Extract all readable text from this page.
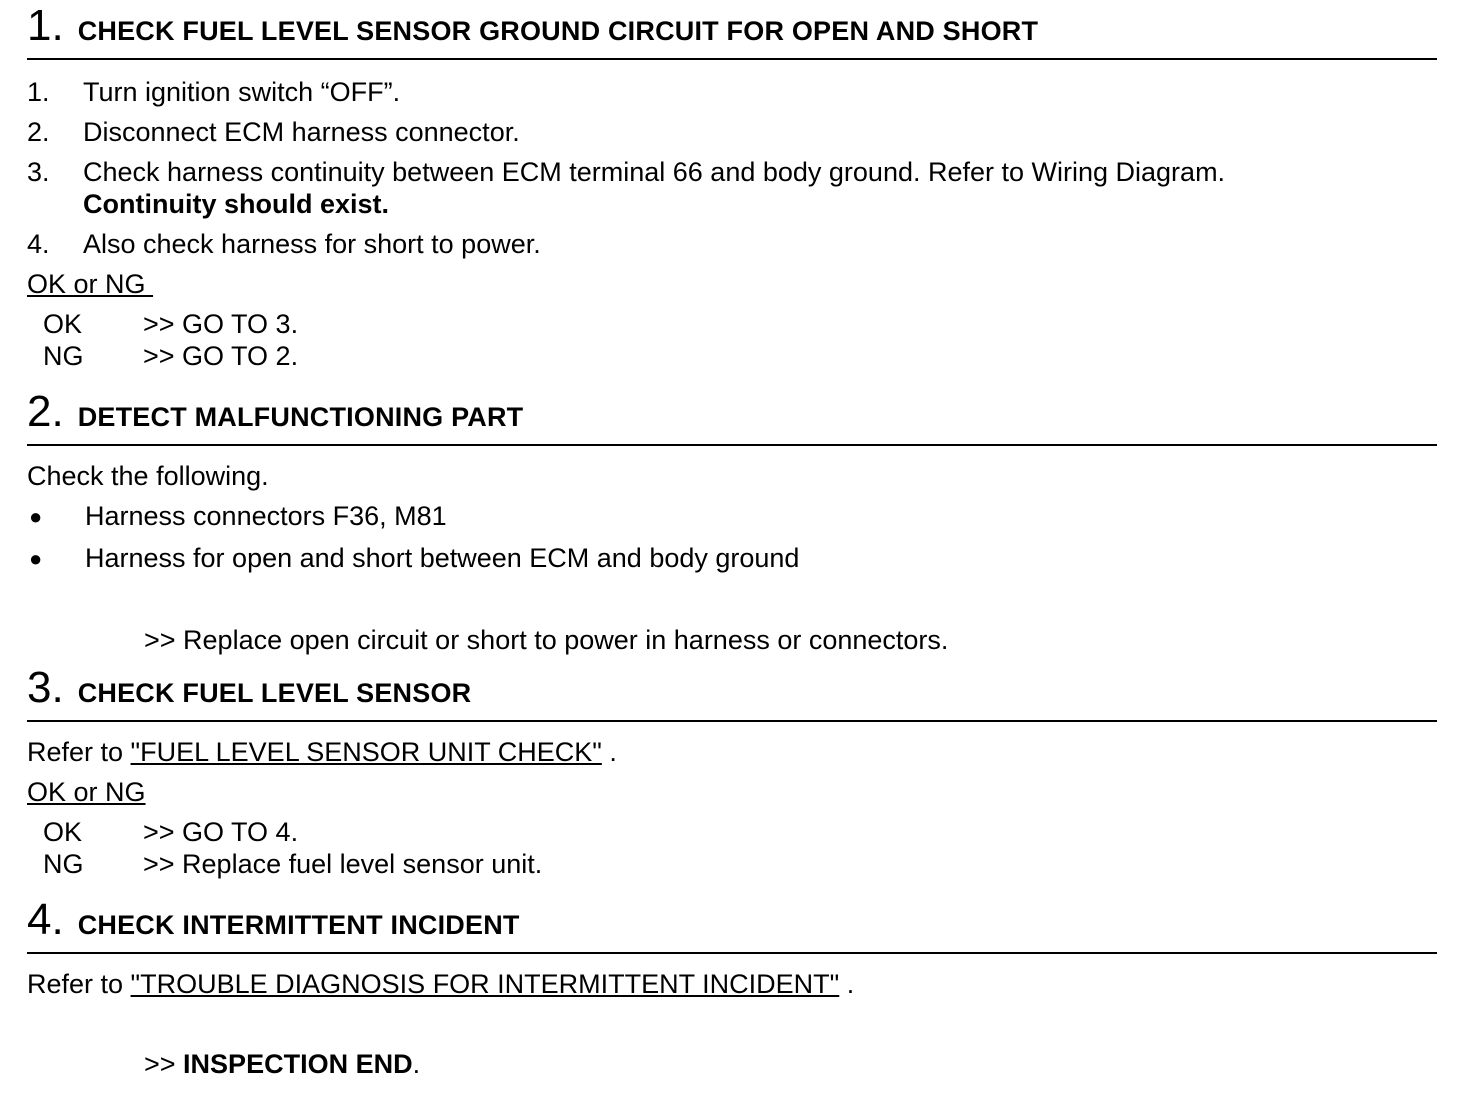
1. CHECK FUEL LEVEL SENSOR GROUND CIRCUIT FOR OPEN AND SHORT
1.	Turn ignition switch “OFF”.
2.	Disconnect ECM harness connector.
3.	Check harness continuity between ECM terminal 66 and body ground. Refer to Wiring Diagram.
Continuity should exist.
4.	Also check harness for short to power.
OK or NG
OK	>> GO TO 3.
NG	>> GO TO 2.
2. DETECT MALFUNCTIONING PART
Check the following.
●	Harness connectors F36, M81
●	Harness for open and short between ECM and body ground
>> Replace open circuit or short to power in harness or connectors.
3. CHECK FUEL LEVEL SENSOR
Refer to "FUEL LEVEL SENSOR UNIT CHECK" .
OK or NG
OK	>> GO TO 4.
NG	>> Replace fuel level sensor unit.
4. CHECK INTERMITTENT INCIDENT
Refer to "TROUBLE DIAGNOSIS FOR INTERMITTENT INCIDENT" .
>> INSPECTION END.
